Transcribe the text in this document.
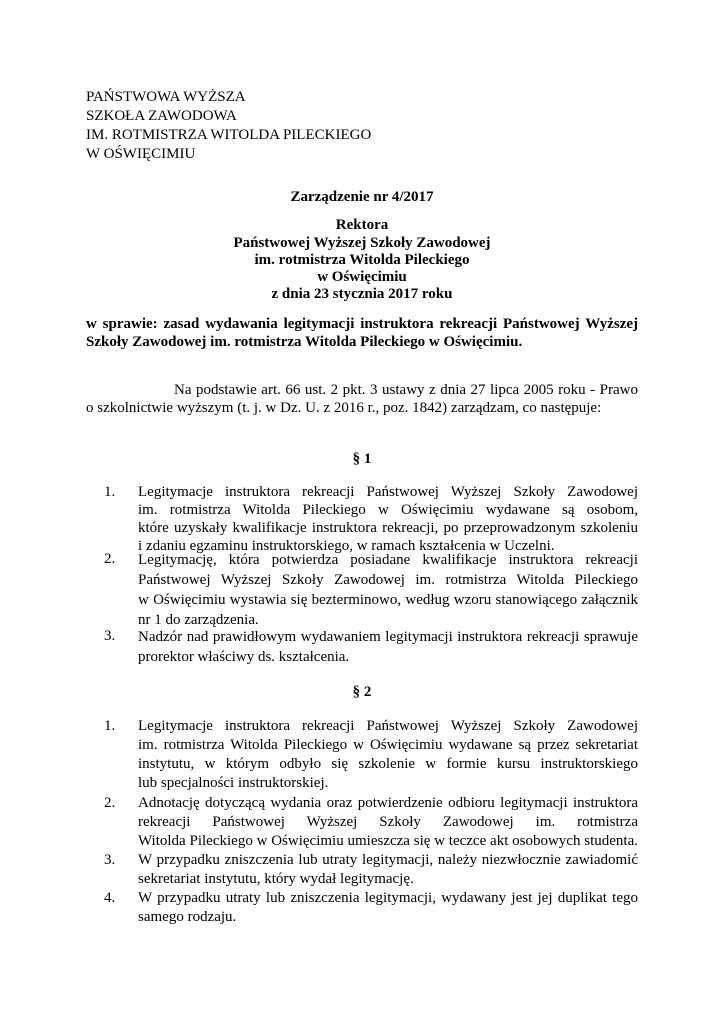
PAŃSTWOWA WYŻSZA
SZKOŁA ZAWODOWA
IM. ROTMISTRZA WITOLDA PILECKIEGO
W OŚWIĘCIMIU
Zarządzenie nr 4/2017
Rektora
Państwowej Wyższej Szkoły Zawodowej
im. rotmistrza Witolda Pileckiego
w Oświęcimiu
z dnia 23 stycznia 2017 roku
w sprawie: zasad wydawania legitymacji instruktora rekreacji Państwowej Wyższej
Szkoły Zawodowej im. rotmistrza Witolda Pileckiego w Oświęcimiu.
Na podstawie art. 66 ust. 2 pkt. 3 ustawy z dnia 27 lipca 2005 roku - Prawo
o szkolnictwie wyższym (t. j. w Dz. U. z 2016 r., poz. 1842) zarządzam, co następuje:
§ 1
1.	Legitymacje instruktora rekreacji Państwowej Wyższej Szkoły Zawodowej
im. rotmistrza Witolda Pileckiego w Oświęcimiu wydawane są osobom,
które uzyskały kwalifikacje instruktora rekreacji, po przeprowadzonym szkoleniu
i zdaniu egzaminu instruktorskiego, w ramach kształcenia w Uczelni.
2.	Legitymację, która potwierdza posiadane kwalifikacje instruktora rekreacji
Państwowej Wyższej Szkoły Zawodowej im. rotmistrza Witolda Pileckiego
w Oświęcimiu wystawia się bezterminowo, według wzoru stanowiącego załącznik
nr 1 do zarządzenia.
3.	Nadzór nad prawidłowym wydawaniem legitymacji instruktora rekreacji sprawuje
prorektor właściwy ds. kształcenia.
§ 2
1.	Legitymacje instruktora rekreacji Państwowej Wyższej Szkoły Zawodowej
im. rotmistrza Witolda Pileckiego w Oświęcimiu wydawane są przez sekretariat
instytutu, w którym odbyło się szkolenie w formie kursu instruktorskiego
lub specjalności instruktorskiej.
2.	Adnotację dotyczącą wydania oraz potwierdzenie odbioru legitymacji instruktora
rekreacji Państwowej Wyższej Szkoły Zawodowej im. rotmistrza
Witolda Pileckiego w Oświęcimiu umieszcza się w teczce akt osobowych studenta.
3.	W przypadku zniszczenia lub utraty legitymacji, należy niezwłocznie zawiadomić
sekretariat instytutu, który wydał legitymację.
4.	W przypadku utraty lub zniszczenia legitymacji, wydawany jest jej duplikat tego
samego rodzaju.
